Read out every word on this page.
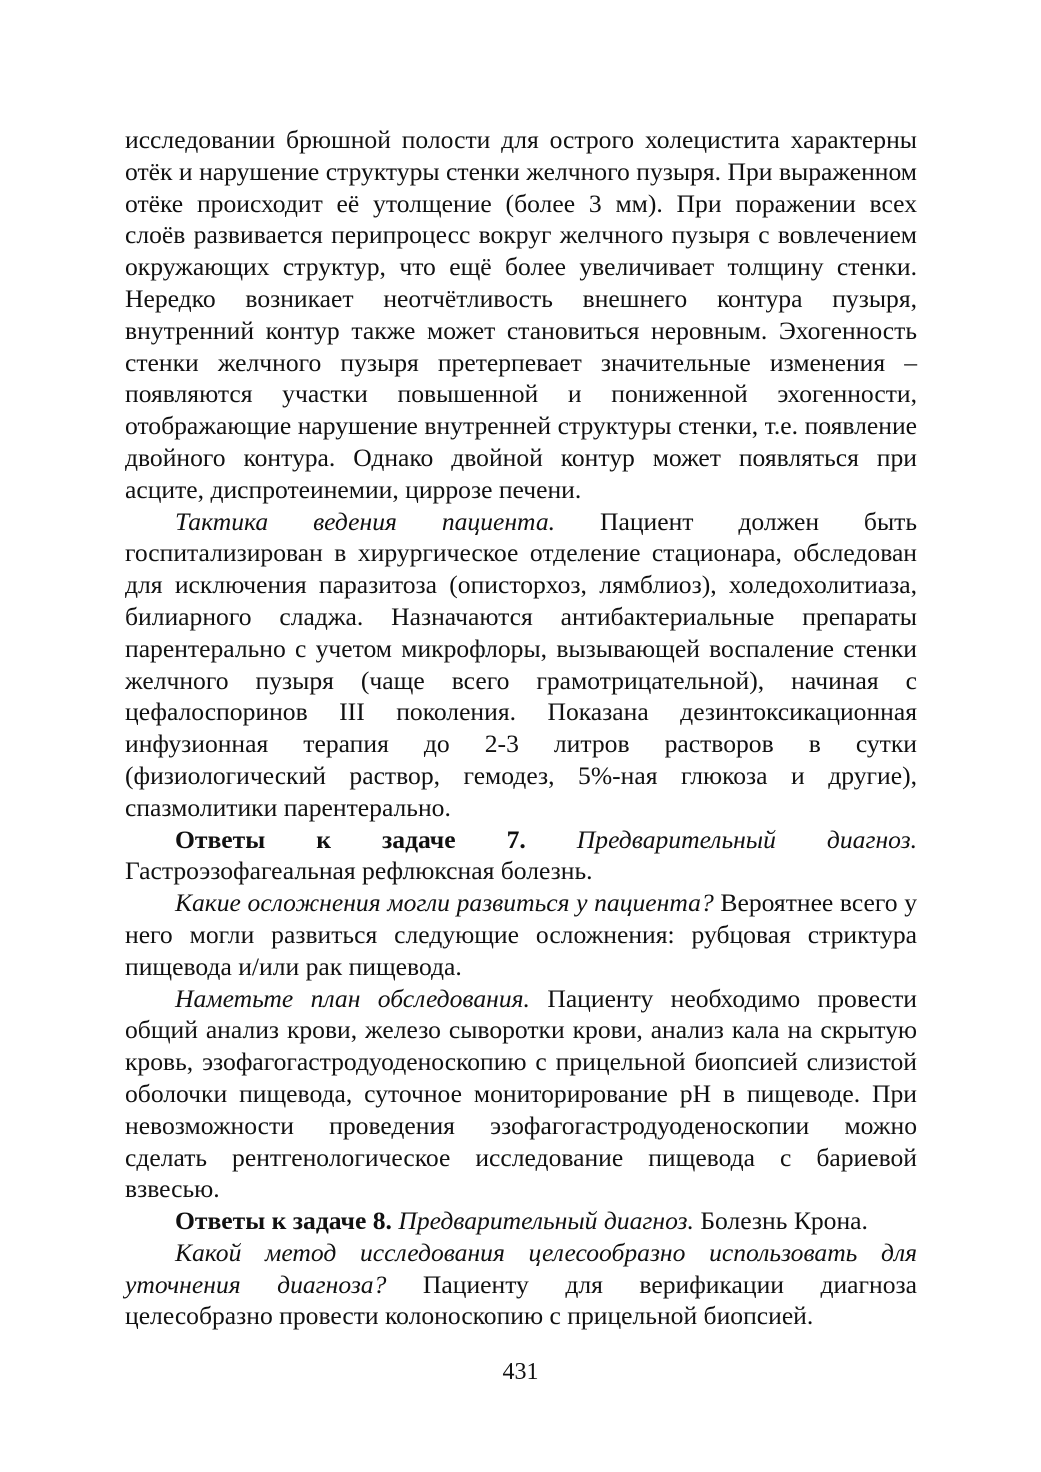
исследовании брюшной полости для острого холецистита характерны отёк и нарушение структуры стенки желчного пузыря. При выраженном отёке происходит её утолщение (более 3 мм). При поражении всех слоёв развивается перипроцесс вокруг желчного пузыря с вовлечением окружающих структур, что ещё более увеличивает толщину стенки. Нередко возникает неотчётливость внешнего контура пузыря, внутренний контур также может становиться неровным. Эхогенность стенки желчного пузыря претерпевает значительные изменения – появляются участки повышенной и пониженной эхогенности, отображающие нарушение внутренней структуры стенки, т.е. появление двойного контура. Однако двойной контур может появляться при асците, диспротеинемии, циррозе печени.

Тактика ведения пациента. Пациент должен быть госпитализирован в хирургическое отделение стационара, обследован для исключения паразитоза (описторхоз, лямблиоз), холедохолитиаза, билиарного сладжа. Назначаются антибактериальные препараты парентерально с учетом микрофлоры, вызывающей воспаление стенки желчного пузыря (чаще всего грамотрицательной), начиная с цефалоспоринов III поколения. Показана дезинтоксикационная инфузионная терапия до 2-3 литров растворов в сутки (физиологический раствор, гемодез, 5%-ная глюкоза и другие), спазмолитики парентерально.

Ответы к задаче 7. Предварительный диагноз. Гастроэзофагеальная рефлюксная болезнь.

Какие осложнения могли развиться у пациента? Вероятнее всего у него могли развиться следующие осложнения: рубцовая стриктура пищевода и/или рак пищевода.

Наметьте план обследования. Пациенту необходимо провести общий анализ крови, железо сыворотки крови, анализ кала на скрытую кровь, эзофагогастродуоденоскопию с прицельной биопсией слизистой оболочки пищевода, суточное мониторирование pH в пищеводе. При невозможности проведения эзофагогастродуоденоскопии можно сделать рентгенологическое исследование пищевода с бариевой взвесью.

Ответы к задаче 8. Предварительный диагноз. Болезнь Крона.

Какой метод исследования целесообразно использовать для уточнения диагноза? Пациенту для верификации диагноза целесобразно провести колоноскопию с прицельной биопсией.

431
